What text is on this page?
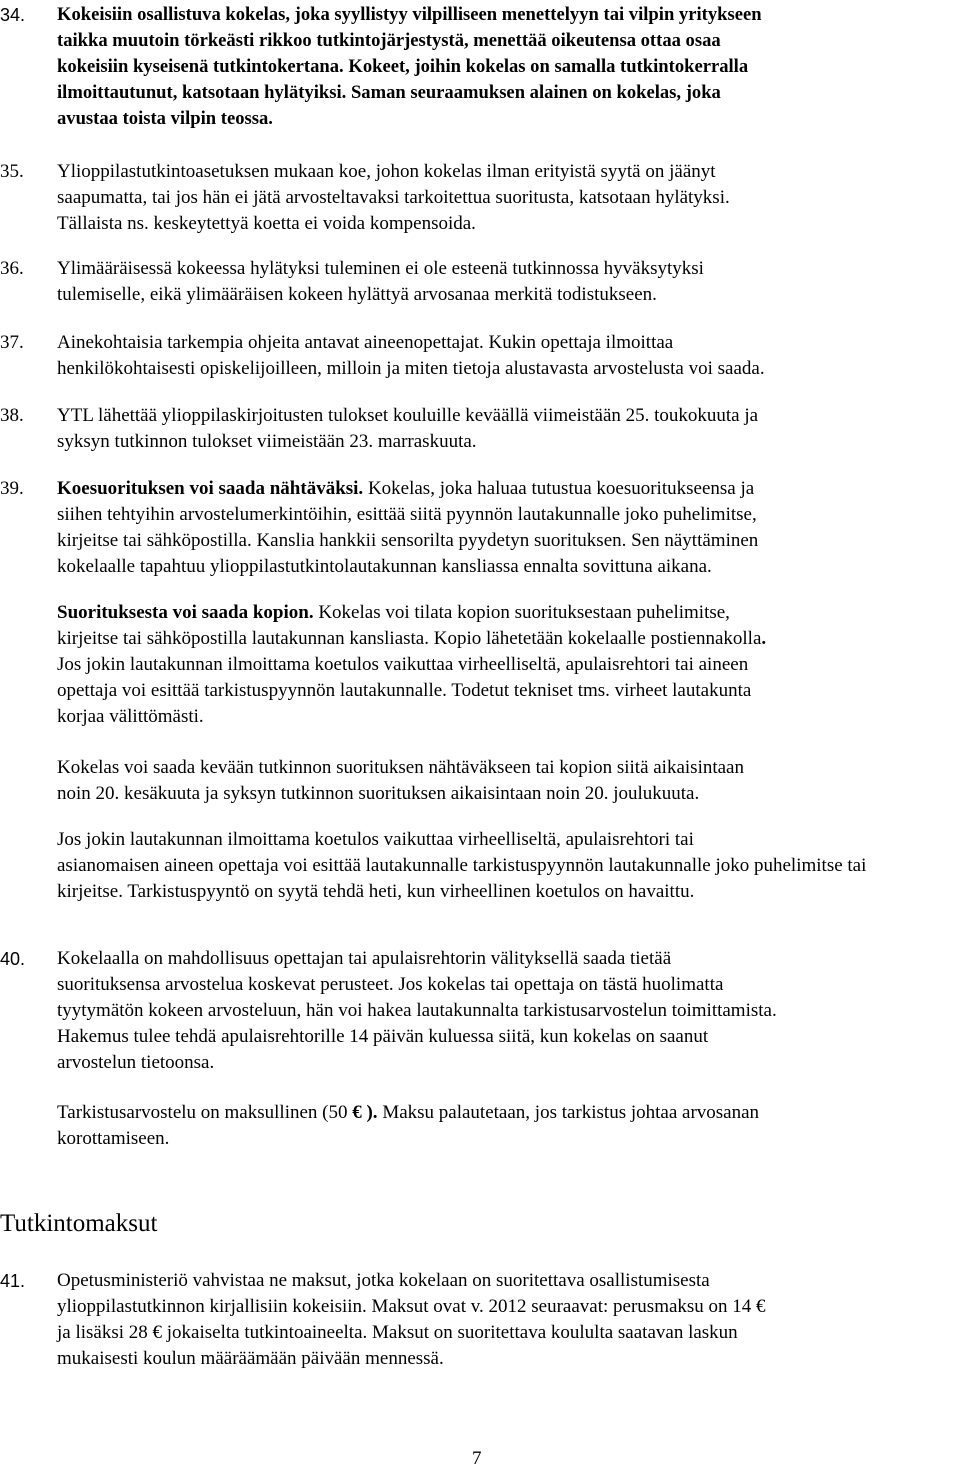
34. Kokeisiin osallistuva kokelas, joka syyllistyy vilpilliseen menettelyyn tai vilpin yritykseen
taikka muutoin törkeästi rikkoo tutkintojärjestystä, menettää oikeutensa ottaa osaa
kokeisiin kyseisenä tutkintokertana. Kokeet, joihin kokelas on samalla tutkintokerralla
ilmoittautunut, katsotaan hylätyiksi. Saman seuraamuksen alainen on kokelas, joka
avustaa toista vilpin teossa.
35. Ylioppilastutkintoasetuksen mukaan koe, johon kokelas ilman erityistä syytä on jäänyt
saapumatta, tai jos hän ei jätä arvosteltavaksi tarkoitettua suoritusta, katsotaan hylätyksi.
Tällaista ns. keskeytettyä koetta ei voida kompensoida.
36. Ylimääräisessä kokeessa hylätyksi tuleminen ei ole esteenä tutkinnossa hyväksytyksi
tulemiselle, eikä ylimääräisen kokeen hylättyä arvosanaa merkitä todistukseen.
37. Ainekohtaisia tarkempia ohjeita antavat aineenopettajat. Kukin opettaja ilmoittaa
henkilökohtaisesti opiskelijoilleen, milloin ja miten tietoja alustavasta arvostelusta voi saada.
38. YTL lähettää ylioppilaskirjoitusten tulokset kouluille keväällä viimeistään 25. toukokuuta ja
syksyn tutkinnon tulokset viimeistään 23. marraskuuta.
39. Koesuorituksen voi saada nähtäväksi. Kokelas, joka haluaa tutustua koesuoritukseensa ja
siihen tehtyihin arvostelumerkintöihin, esittää siitä pyynnön lautakunnalle joko puhelimitse,
kirjeitse tai sähköpostilla. Kanslia hankkii sensorilta pyydetyn suorituksen. Sen näyttäminen
kokelaalle tapahtuu ylioppilastutkintolautakunnan kansliassa ennalta sovittuna aikana.
Suorituksesta voi saada kopion. Kokelas voi tilata kopion suorituksestaan puhelimitse,
kirjeitse tai sähköpostilla lautakunnan kansliasta. Kopio lähetetään kokelaalle postiennakolla.
Jos jokin lautakunnan ilmoittama koetulos vaikuttaa virheelliseltä, apulaisrehtori tai aineen
opettaja voi esittää tarkistuspyynnön lautakunnalle. Todetut tekniset tms. virheet lautakunta
korjaa välittömästi.
Kokelas voi saada kevään tutkinnon suorituksen nähtäväkseen tai kopion siitä aikaisintaan
noin 20. kesäkuuta ja syksyn tutkinnon suorituksen aikaisintaan noin 20. joulukuuta.
Jos jokin lautakunnan ilmoittama koetulos vaikuttaa virheelliseltä, apulaisrehtori tai
asianomaisen aineen opettaja voi esittää lautakunnalle tarkistuspyynnön lautakunnalle joko puhelimitse tai
kirjeitse. Tarkistuspyyntö on syytä tehdä heti, kun virheellinen koetulos on havaittu.
40. Kokelaalla on mahdollisuus opettajan tai apulaisrehtorin välityksellä saada tietää
suorituksensa arvostelua koskevat perusteet. Jos kokelas tai opettaja on tästä huolimatta
tyytymätön kokeen arvosteluun, hän voi hakea lautakunnalta tarkistusarvostelun toimittamista.
Hakemus tulee tehdä apulaisrehtorille 14 päivän kuluessa siitä, kun kokelas on saanut
arvostelun tietoonsa.
Tarkistusarvostelu on maksullinen (50 € ). Maksu palautetaan, jos tarkistus johtaa arvosanan
korottamiseen.
Tutkintomaksut
41. Opetusministeriö vahvistaa ne maksut, jotka kokelaan on suoritettava osallistumisesta
ylioppilastutkinnon kirjallisiin kokeisiin. Maksut ovat v. 2012 seuraavat: perusmaksu on 14 €
ja lisäksi 28 € jokaiselta tutkintoaineelta. Maksut on suoritettava koululta saatavan laskun
mukaisesti koulun määräämään päivään mennessä.
7
